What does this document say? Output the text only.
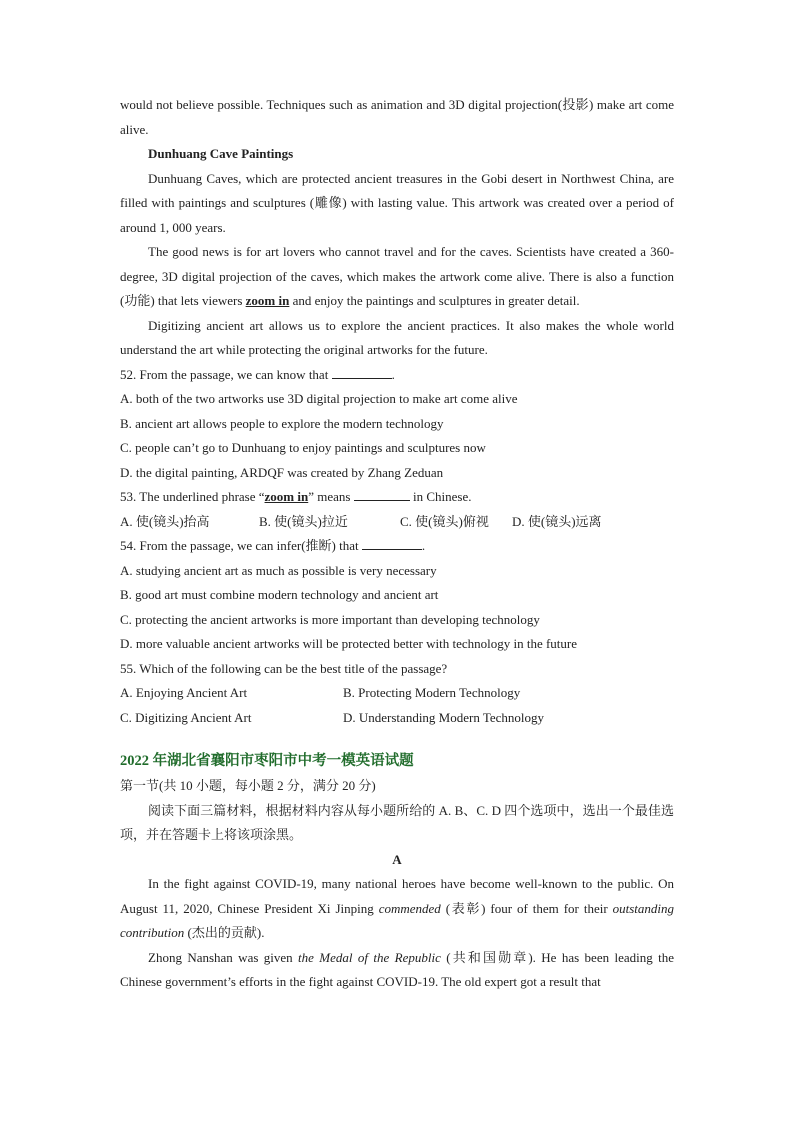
would not believe possible. Techniques such as animation and 3D digital projection(投影) make art come alive.

Dunhuang Cave Paintings

Dunhuang Caves, which are protected ancient treasures in the Gobi desert in Northwest China, are filled with paintings and sculptures (雕像) with lasting value. This artwork was created over a period of around 1, 000 years.

The good news is for art lovers who cannot travel and for the caves. Scientists have created a 360-degree, 3D digital projection of the caves, which makes the artwork come alive. There is also a function (功能) that lets viewers zoom in and enjoy the paintings and sculptures in greater detail.

Digitizing ancient art allows us to explore the ancient practices. It also makes the whole world understand the art while protecting the original artworks for the future.

52. From the passage, we can know that	.

A. both of the two artworks use 3D digital projection to make art come alive

B. ancient art allows people to explore the modern technology

C. people can’t go to Dunhuang to enjoy paintings and sculptures now

D. the digital painting, ARDQF was created by Zhang Zeduan

53. The underlined phrase “zoom in” means	in Chinese.

A. 使(镜头)抬高	B. 使(镜头)拉近	C. 使(镜头)俯视	D. 使(镜头)远离

54. From the passage, we can infer(推断) that	.

A. studying ancient art as much as possible is very necessary

B. good art must combine modern technology and ancient art

C. protecting the ancient artworks is more important than developing technology

D. more valuable ancient artworks will be protected better with technology in the future

55. Which of the following can be the best title of the passage?

A. Enjoying Ancient Art	B. Protecting Modern Technology

C. Digitizing Ancient Art	D. Understanding Modern Technology

2022 年湖北省襄阳市枣阳市中考一模英语试题

第一节(共 10 小题，每小题 2 分，满分 20 分)

阅读下面三篇材料，根据材料内容从每小题所给的 A. B、C. D 四个选项中，选出一个最佳选项，并在答题卡上将该项涂黑。

A

In the fight against COVID-19, many national heroes have become well-known to the public. On August 11, 2020, Chinese President Xi Jinping commended (表彰) four of them for their outstanding contribution (杰出的贡献).

Zhong Nanshan was given the Medal of the Republic (共和国勋章). He has been leading the Chinese government’s efforts in the fight against COVID-19. The old expert got a result that
